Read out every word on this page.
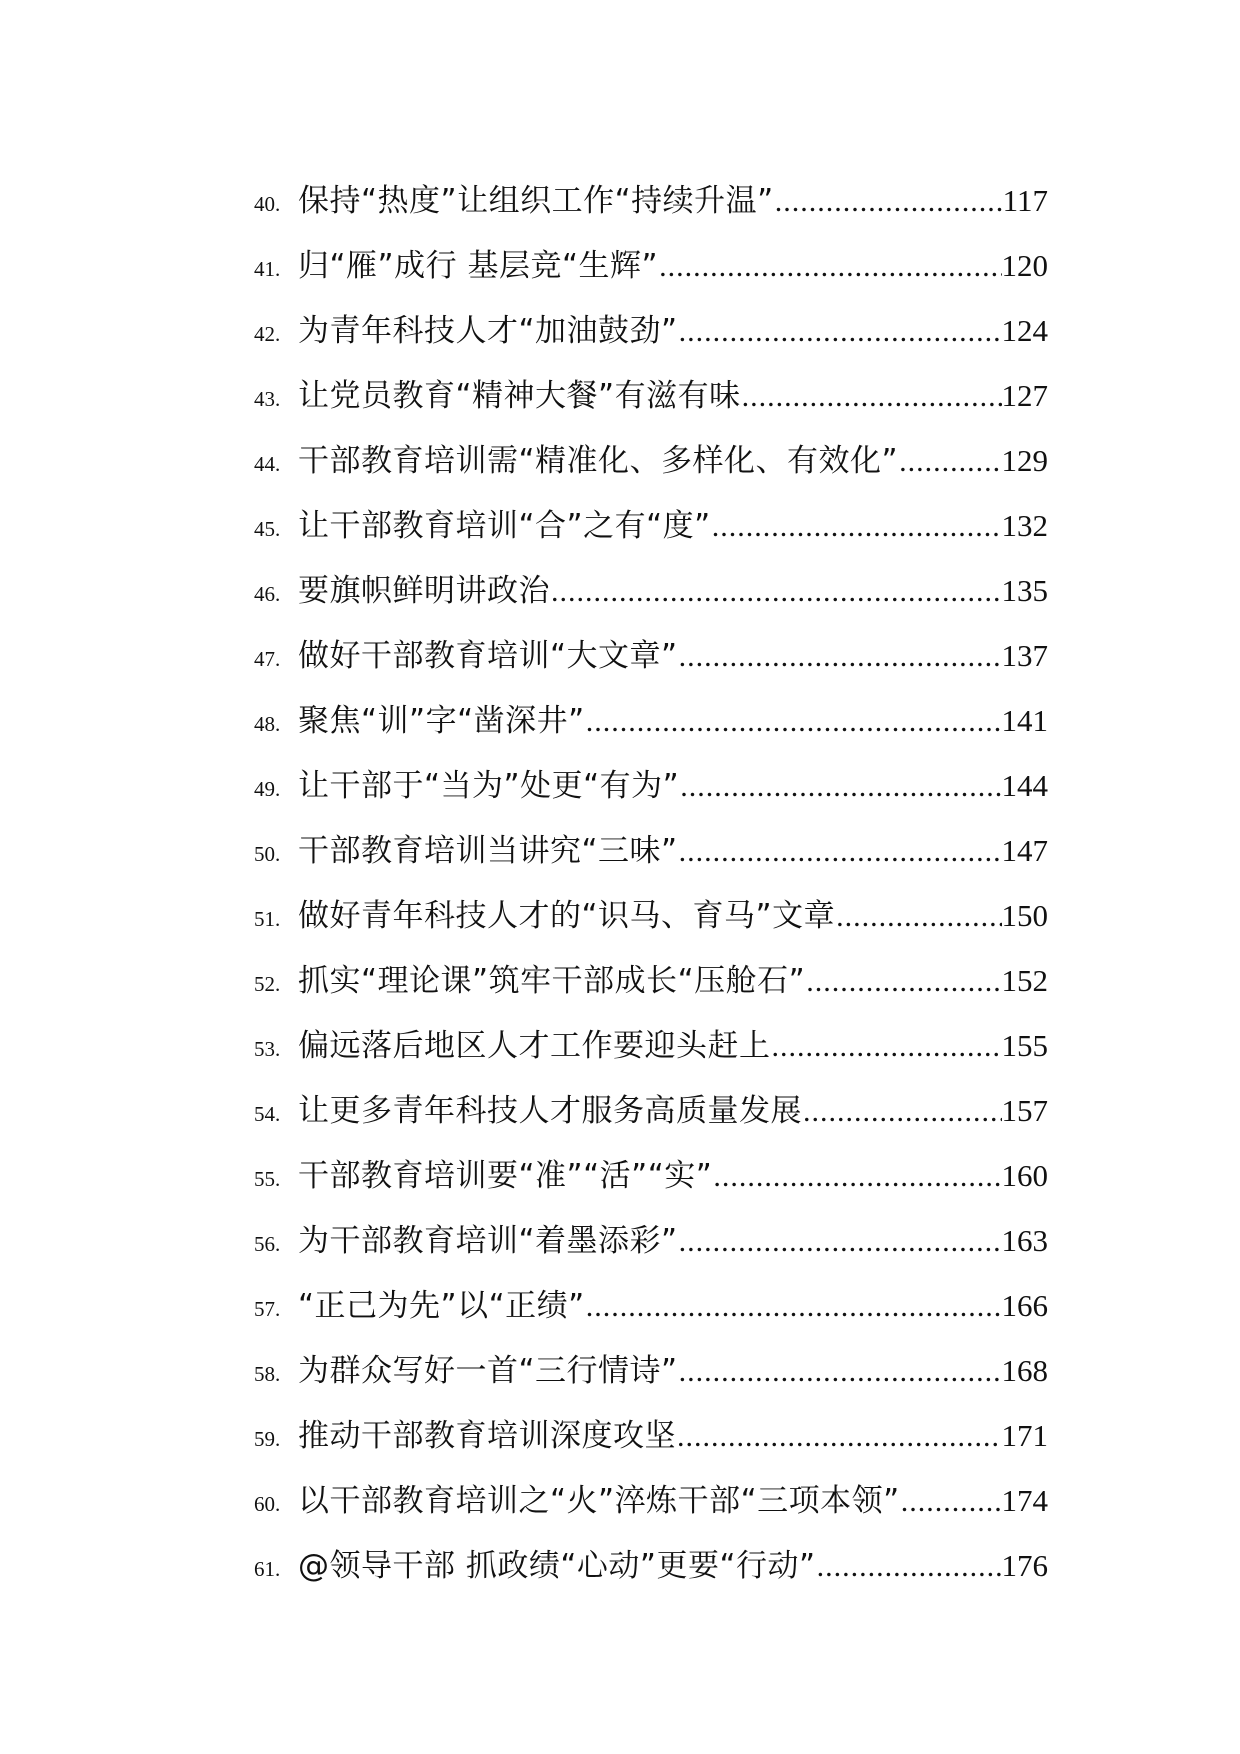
40. 保持“热度”让组织工作“持续升温” .....	117
41. 归“雁”成行 基层竞“生辉” .....	120
42. 为青年科技人才“加油鼓劲” .....	124
43. 让党员教育“精神大餐”有滋有味 .....	127
44. 干部教育培训需“精准化、多样化、有效化” .....	129
45. 让干部教育培训“合”之有“度” .....	132
46. 要旗帜鲜明讲政治 .....	135
47. 做好干部教育培训“大文章” .....	137
48. 聚焦“训”字“凿深井” .....	141
49. 让干部于“当为”处更“有为” .....	144
50. 干部教育培训当讲究“三味” .....	147
51. 做好青年科技人才的“识马、育马”文章 .....	150
52. 抓实“理论课”筑牢干部成长“压舱石” .....	152
53. 偏远落后地区人才工作要迎头赶上 .....	155
54. 让更多青年科技人才服务高质量发展 .....	157
55. 干部教育培训要“准”“活”“实” .....	160
56. 为干部教育培训“着墨添彩” .....	163
57. “正己为先”以“正绩” .....	166
58. 为群众写好一首“三行情诗” .....	168
59. 推动干部教育培训深度攻坚 .....	171
60. 以干部教育培训之“火”淬炼干部“三项本领” .....	174
61. @领导干部 抓政绩“心动”更要“行动” .....	176
